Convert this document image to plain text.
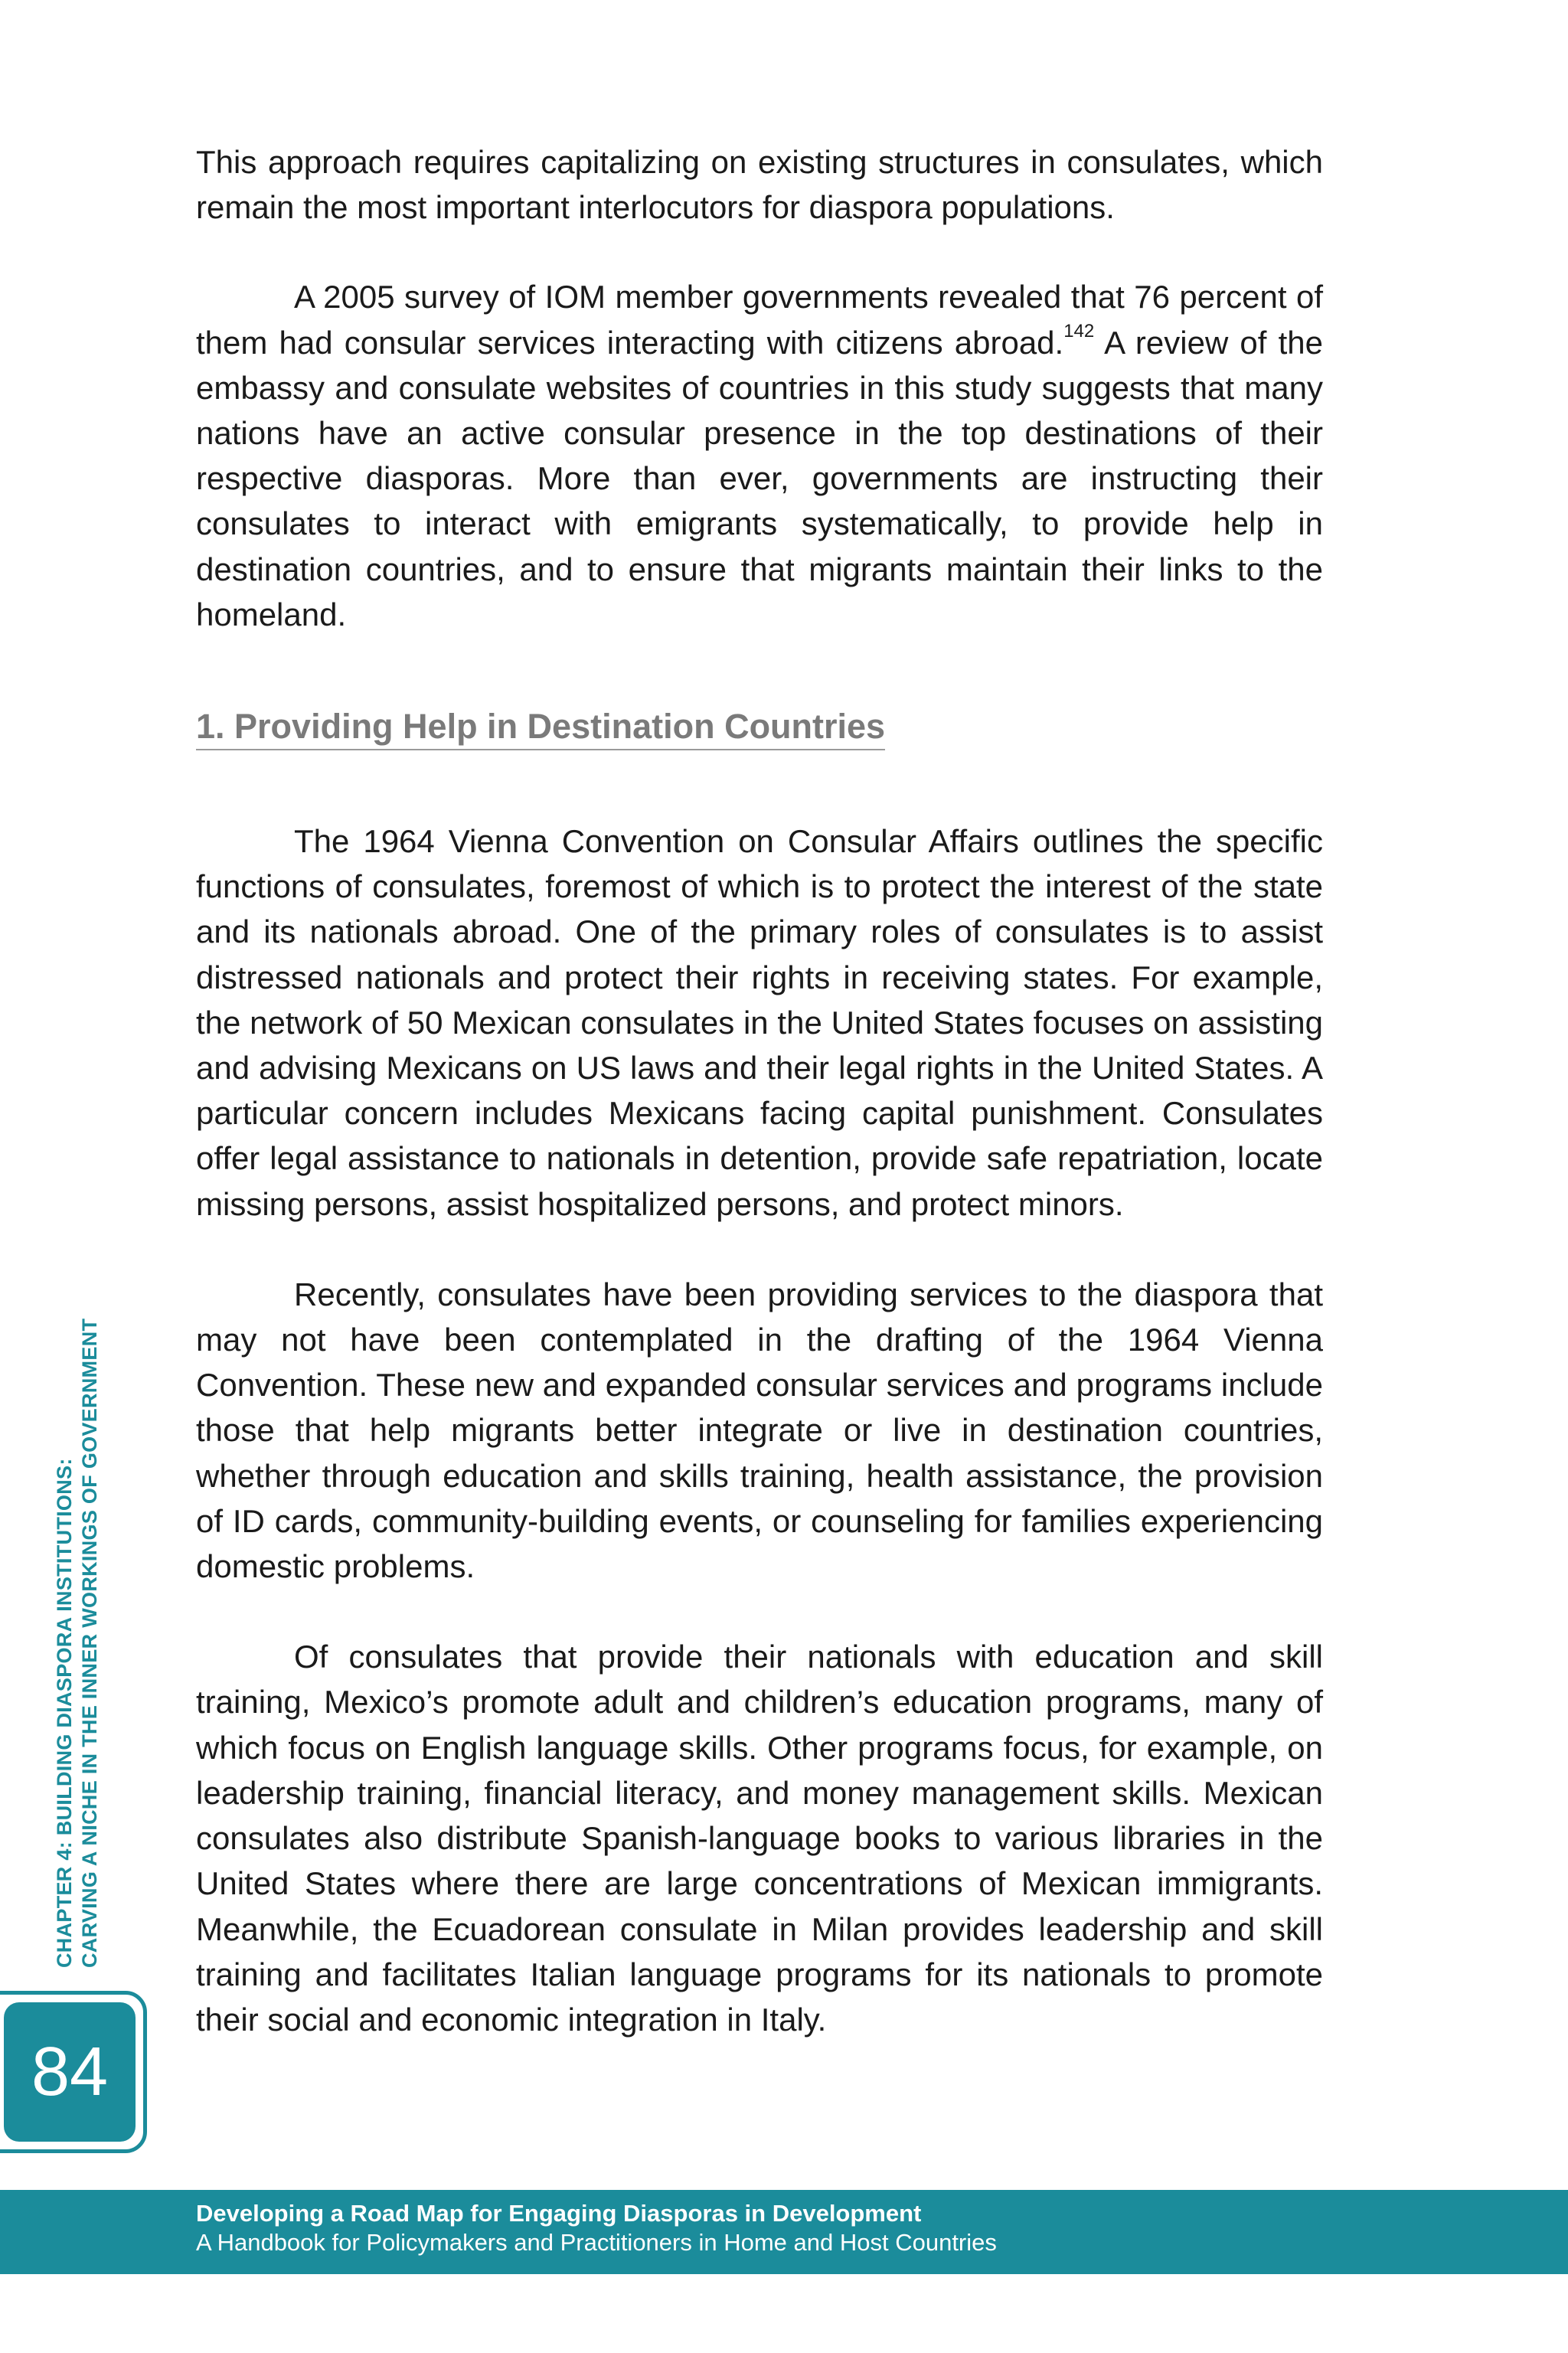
This approach requires capitalizing on existing structures in consulates, which remain the most important interlocutors for diaspora populations.

A 2005 survey of IOM member governments revealed that 76 percent of them had consular services interacting with citizens abroad.$^{142}$ A review of the embassy and consulate websites of countries in this study suggests that many nations have an active consular presence in the top destinations of their respective diasporas. More than ever, governments are instructing their consulates to interact with emigrants systematically, to provide help in destination countries, and to ensure that migrants maintain their links to the homeland.

1. Providing Help in Destination Countries

The 1964 Vienna Convention on Consular Affairs outlines the specific functions of consulates, foremost of which is to protect the interest of the state and its nationals abroad. One of the primary roles of consulates is to assist distressed nationals and protect their rights in receiving states. For example, the network of 50 Mexican consulates in the United States focuses on assisting and advising Mexicans on US laws and their legal rights in the United States. A particular concern includes Mexicans facing capital punishment. Consulates offer legal assistance to nationals in detention, provide safe repatriation, locate missing persons, assist hospitalized persons, and protect minors.

Recently, consulates have been providing services to the diaspora that may not have been contemplated in the drafting of the 1964 Vienna Convention. These new and expanded consular services and programs include those that help migrants better integrate or live in destination countries, whether through education and skills training, health assistance, the provision of ID cards, community-building events, or counseling for families experiencing domestic problems.

Of consulates that provide their nationals with education and skill training, Mexico’s promote adult and children’s education programs, many of which focus on English language skills. Other programs focus, for example, on leadership training, financial literacy, and money management skills. Mexican consulates also distribute Spanish-language books to various libraries in the United States where there are large concentrations of Mexican immigrants. Meanwhile, the Ecuadorean consulate in Milan provides leadership and skill training and facilitates Italian language programs for its nationals to promote their social and economic integration in Italy.

CHAPTER 4: BUILDING DIASPORA INSTITUTIONS: CARVING A NICHE IN THE INNER WORKINGS OF GOVERNMENT
84
Developing a Road Map for Engaging Diasporas in Development
A Handbook for Policymakers and Practitioners in Home and Host Countries
